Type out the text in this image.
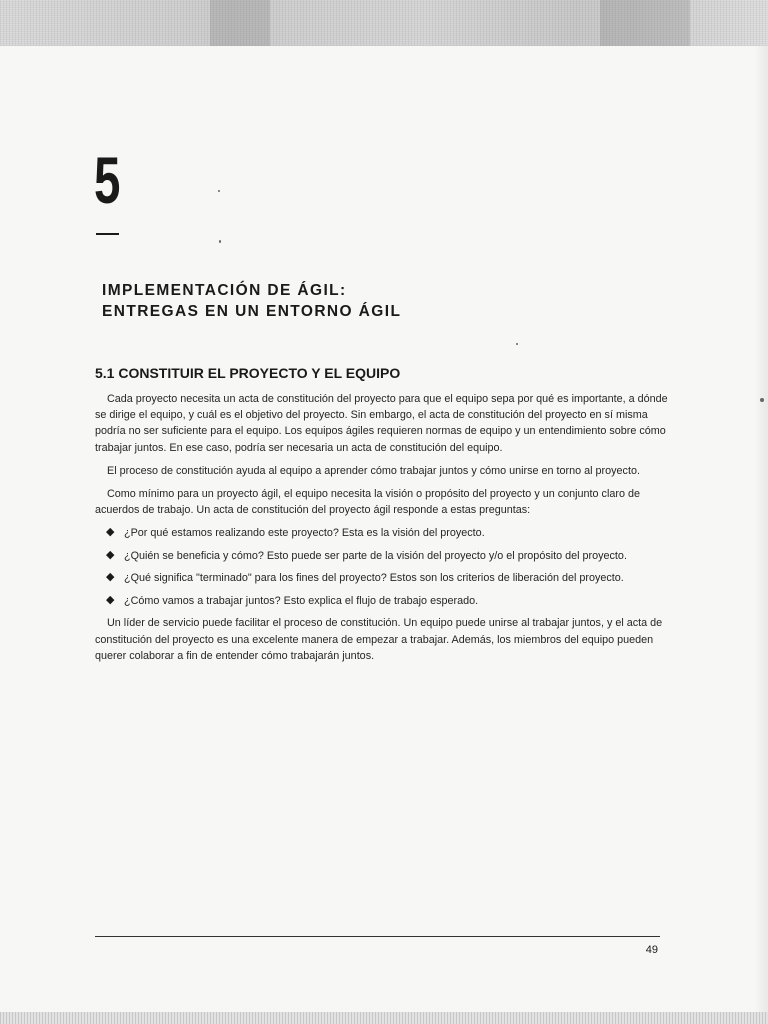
5
IMPLEMENTACIÓN DE ÁGIL:
ENTREGAS EN UN ENTORNO ÁGIL
5.1 CONSTITUIR EL PROYECTO Y EL EQUIPO

Cada proyecto necesita un acta de constitución del proyecto para que el equipo sepa por qué es importante, a dónde se dirige el equipo, y cuál es el objetivo del proyecto. Sin embargo, el acta de constitución del proyecto en sí misma podría no ser suficiente para el equipo. Los equipos ágiles requieren normas de equipo y un entendimiento sobre cómo trabajar juntos. En ese caso, podría ser necesaria un acta de constitución del equipo.

El proceso de constitución ayuda al equipo a aprender cómo trabajar juntos y cómo unirse en torno al proyecto.

Como mínimo para un proyecto ágil, el equipo necesita la visión o propósito del proyecto y un conjunto claro de acuerdos de trabajo. Un acta de constitución del proyecto ágil responde a estas preguntas:

◆ ¿Por qué estamos realizando este proyecto? Esta es la visión del proyecto.
◆ ¿Quién se beneficia y cómo? Esto puede ser parte de la visión del proyecto y/o el propósito del proyecto.
◆ ¿Qué significa "terminado" para los fines del proyecto? Estos son los criterios de liberación del proyecto.
◆ ¿Cómo vamos a trabajar juntos? Esto explica el flujo de trabajo esperado.

Un líder de servicio puede facilitar el proceso de constitución. Un equipo puede unirse al trabajar juntos, y el acta de constitución del proyecto es una excelente manera de empezar a trabajar. Además, los miembros del equipo pueden querer colaborar a fin de entender cómo trabajarán juntos.

49
